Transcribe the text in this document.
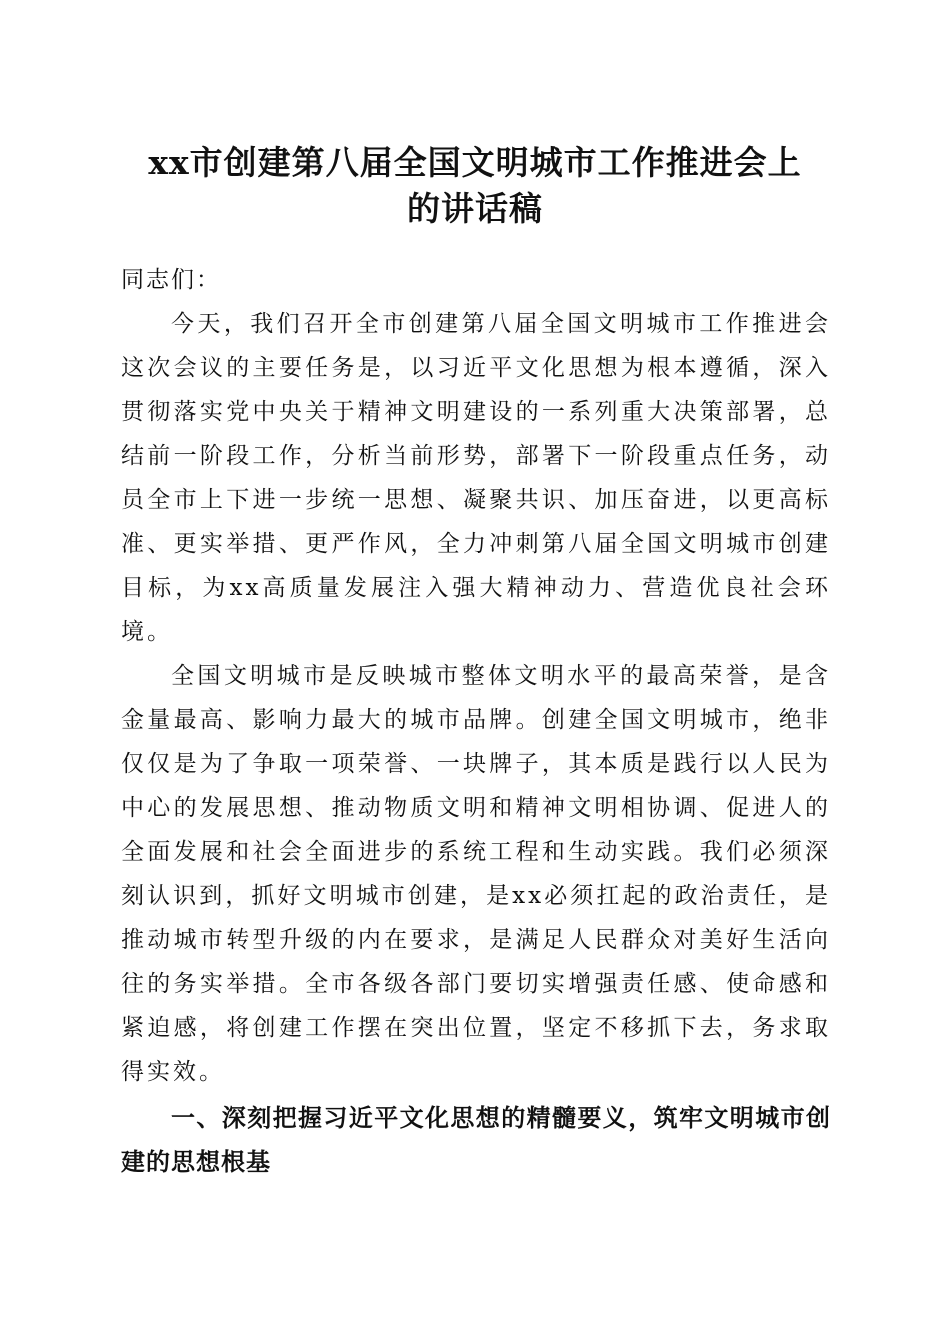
xx市创建第八届全国文明城市工作推进会上
的讲话稿

同志们：

今天，我们召开全市创建第八届全国文明城市工作推进会这次会议的主要任务是，以习近平文化思想为根本遵循，深入贯彻落实党中央关于精神文明建设的一系列重大决策部署，总结前一阶段工作，分析当前形势，部署下一阶段重点任务，动员全市上下进一步统一思想、凝聚共识、加压奋进，以更高标准、更实举措、更严作风，全力冲刺第八届全国文明城市创建目标，为xx高质量发展注入强大精神动力、营造优良社会环境。

全国文明城市是反映城市整体文明水平的最高荣誉，是含金量最高、影响力最大的城市品牌。创建全国文明城市，绝非仅仅是为了争取一项荣誉、一块牌子，其本质是践行以人民为中心的发展思想、推动物质文明和精神文明相协调、促进人的全面发展和社会全面进步的系统工程和生动实践。我们必须深刻认识到，抓好文明城市创建，是xx必须扛起的政治责任，是推动城市转型升级的内在要求，是满足人民群众对美好生活向往的务实举措。全市各级各部门要切实增强责任感、使命感和紧迫感，将创建工作摆在突出位置，坚定不移抓下去，务求取得实效。

一、深刻把握习近平文化思想的精髓要义，筑牢文明城市创建的思想根基
